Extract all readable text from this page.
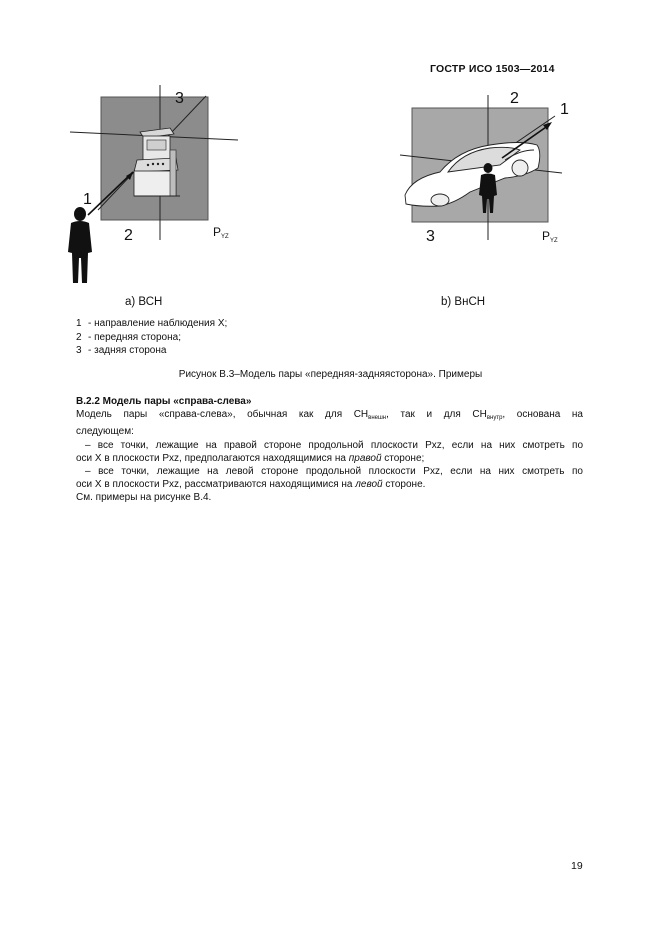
ГОСТР ИСО 1503—2014
3
1
2	PYZ
2
1
3	PYZ
a) ВСН	b) ВнСН
1 - направление наблюдения Х;
2 - передняя сторона;
3 - задняя сторона
Рисунок В.3–Модель пары «передняя-задняясторона». Примеры

В.2.2 Модель пары «справа-слева»

Модель пары «справа-слева», обычная как для $СН_{внешн}$, так и для $СН_{внутр}$, основана на

следующем:

– все точки, лежащие на правой стороне продольной плоскости Pxz, если на них смотреть по

оси Х в плоскости Pxz, предполагаются находящимися на правой стороне;

– все точки, лежащие на левой стороне продольной плоскости Pxz, если на них смотреть по

оси Х в плоскости Pxz, рассматриваются находящимися на левой стороне.

См. примеры на рисунке В.4.

19
